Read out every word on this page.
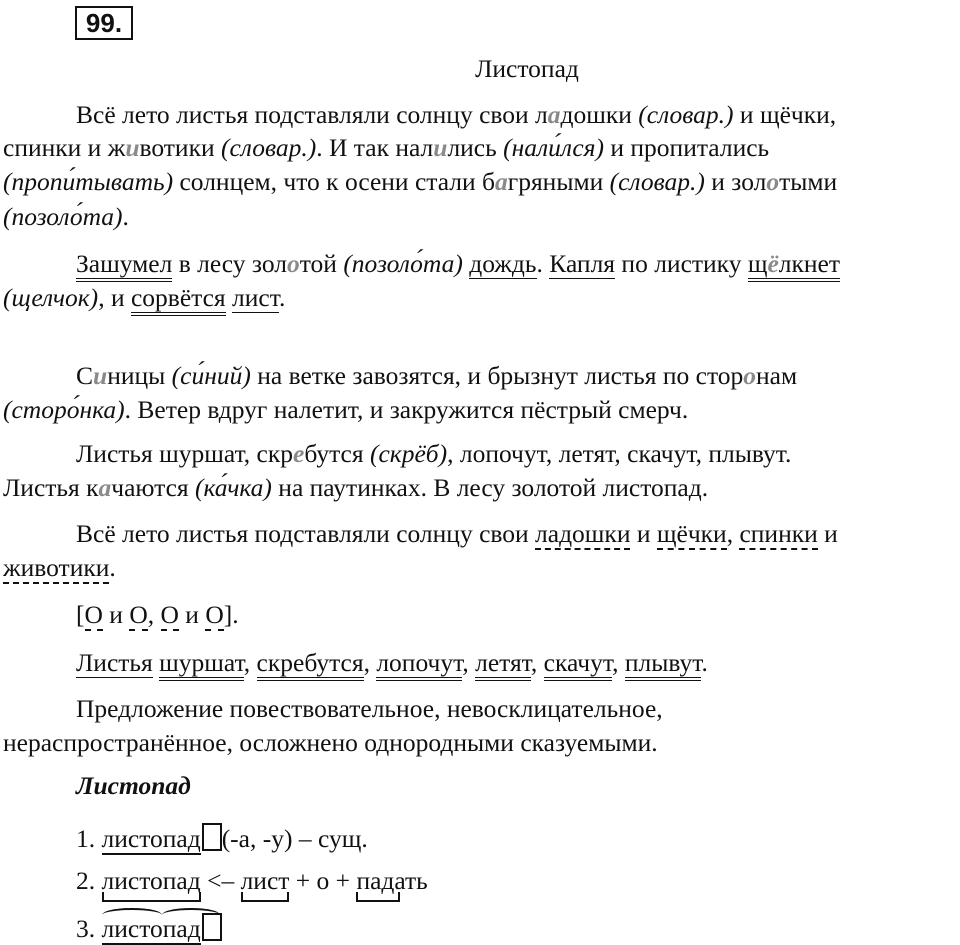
99.
Листопад
Всё лето листья подставляли солнцу свои ладошки (словар.) и щёчки,
спинки и животики (словар.). И так налились (нали́лся) и пропитались
(пропи́тывать) солнцем, что к осени стали багряными (словар.) и золотыми
(позоло́та).
Зашумел в лесу золотой (позоло́та) дождь. Капля по листику щёлкнет
(щелчок), и сорвётся лист.
Синицы (си́ний) на ветке завозятся, и брызнут листья по сторонам
(сторо́нка). Ветер вдруг налетит, и закружится пёстрый смерч.
Листья шуршат, скребутся (скрёб), лопочут, летят, скачут, плывут.
Листья качаются (ка́чка) на паутинках. В лесу золотой листопад.
Всё лето листья подставляли солнцу свои ладошки и щёчки, спинки и
животики.
[О и О, О и О].
Листья шуршат, скребутся, лопочут, летят, скачут, плывут.
Предложение повествовательное, невосклицательное,
нераспространённое, осложнено однородными сказуемыми.
Листопад
1. листопад (-а, -у) – сущ.
2. листопад
<– лист
+ о + падать
3. листопад
